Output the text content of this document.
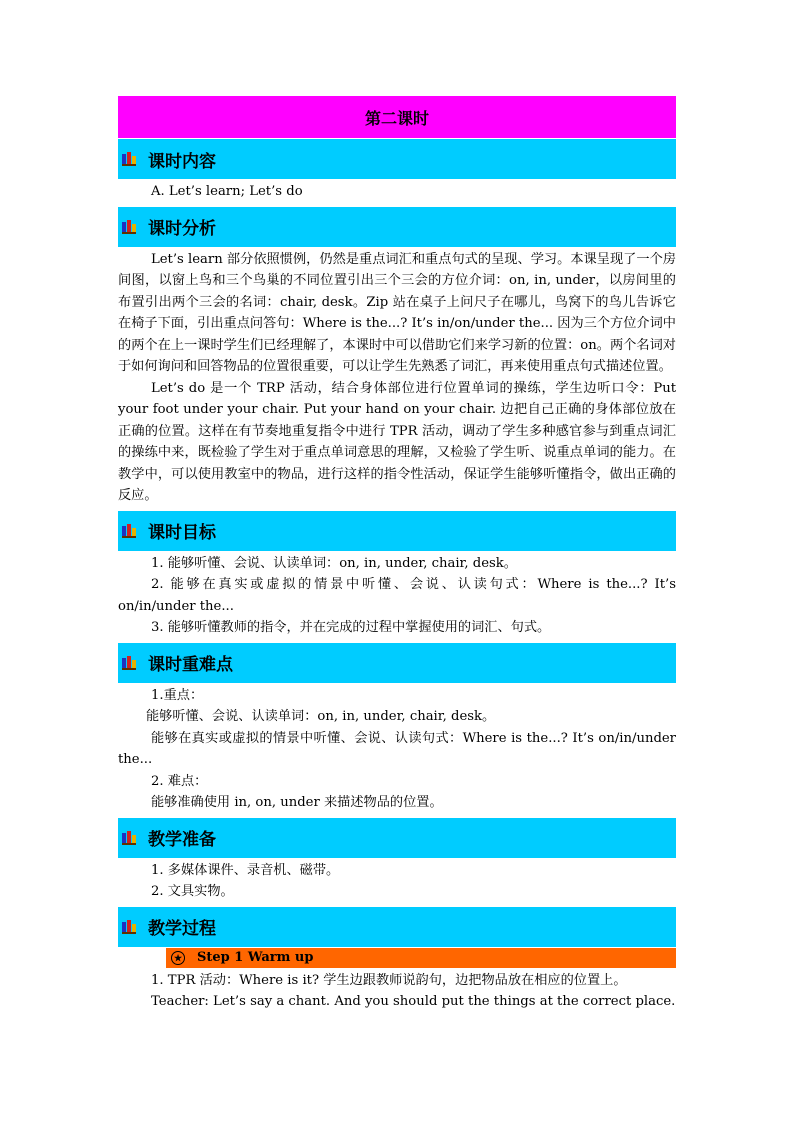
第二课时
课时内容

A. Let’s learn; Let’s do

课时分析

Let’s learn 部分依照惯例，仍然是重点词汇和重点句式的呈现、学习。本课呈现了一个房间图，以窗上鸟和三个鸟巢的不同位置引出三个三会的方位介词：on, in, under，以房间里的布置引出两个三会的名词：chair, desk。Zip 站在桌子上问尺子在哪儿，鸟窝下的鸟儿告诉它在椅子下面，引出重点问答句：Where is the...? It’s in/on/under the... 因为三个方位介词中的两个在上一课时学生们已经理解了，本课时中可以借助它们来学习新的位置：on。两个名词对于如何询问和回答物品的位置很重要，可以让学生先熟悉了词汇，再来使用重点句式描述位置。

Let’s do 是一个 TRP 活动，结合身体部位进行位置单词的操练，学生边听口令：Put your foot under your chair. Put your hand on your chair. 边把自己正确的身体部位放在正确的位置。这样在有节奏地重复指令中进行 TPR 活动，调动了学生多种感官参与到重点词汇的操练中来，既检验了学生对于重点单词意思的理解，又检验了学生听、说重点单词的能力。在教学中，可以使用教室中的物品，进行这样的指令性活动，保证学生能够听懂指令，做出正确的反应。

课时目标

1. 能够听懂、会说、认读单词：on, in, under, chair, desk。

2. 能够在真实或虚拟的情景中听懂、会说、认读句式：Where is the...? It’s on/in/under the...

3. 能够听懂教师的指令，并在完成的过程中掌握使用的词汇、句式。

课时重难点

1.重点：

能够听懂、会说、认读单词：on, in, under, chair, desk。

能够在真实或虚拟的情景中听懂、会说、认读句式：Where is the...? It’s on/in/under the...

2. 难点：

能够准确使用 in, on, under 来描述物品的位置。

教学准备

1. 多媒体课件、录音机、磁带。

2. 文具实物。

教学过程
★ Step 1 Warm up

1. TPR 活动：Where is it? 学生边跟教师说韵句，边把物品放在相应的位置上。

Teacher: Let’s say a chant. And you should put the things at the correct place.
